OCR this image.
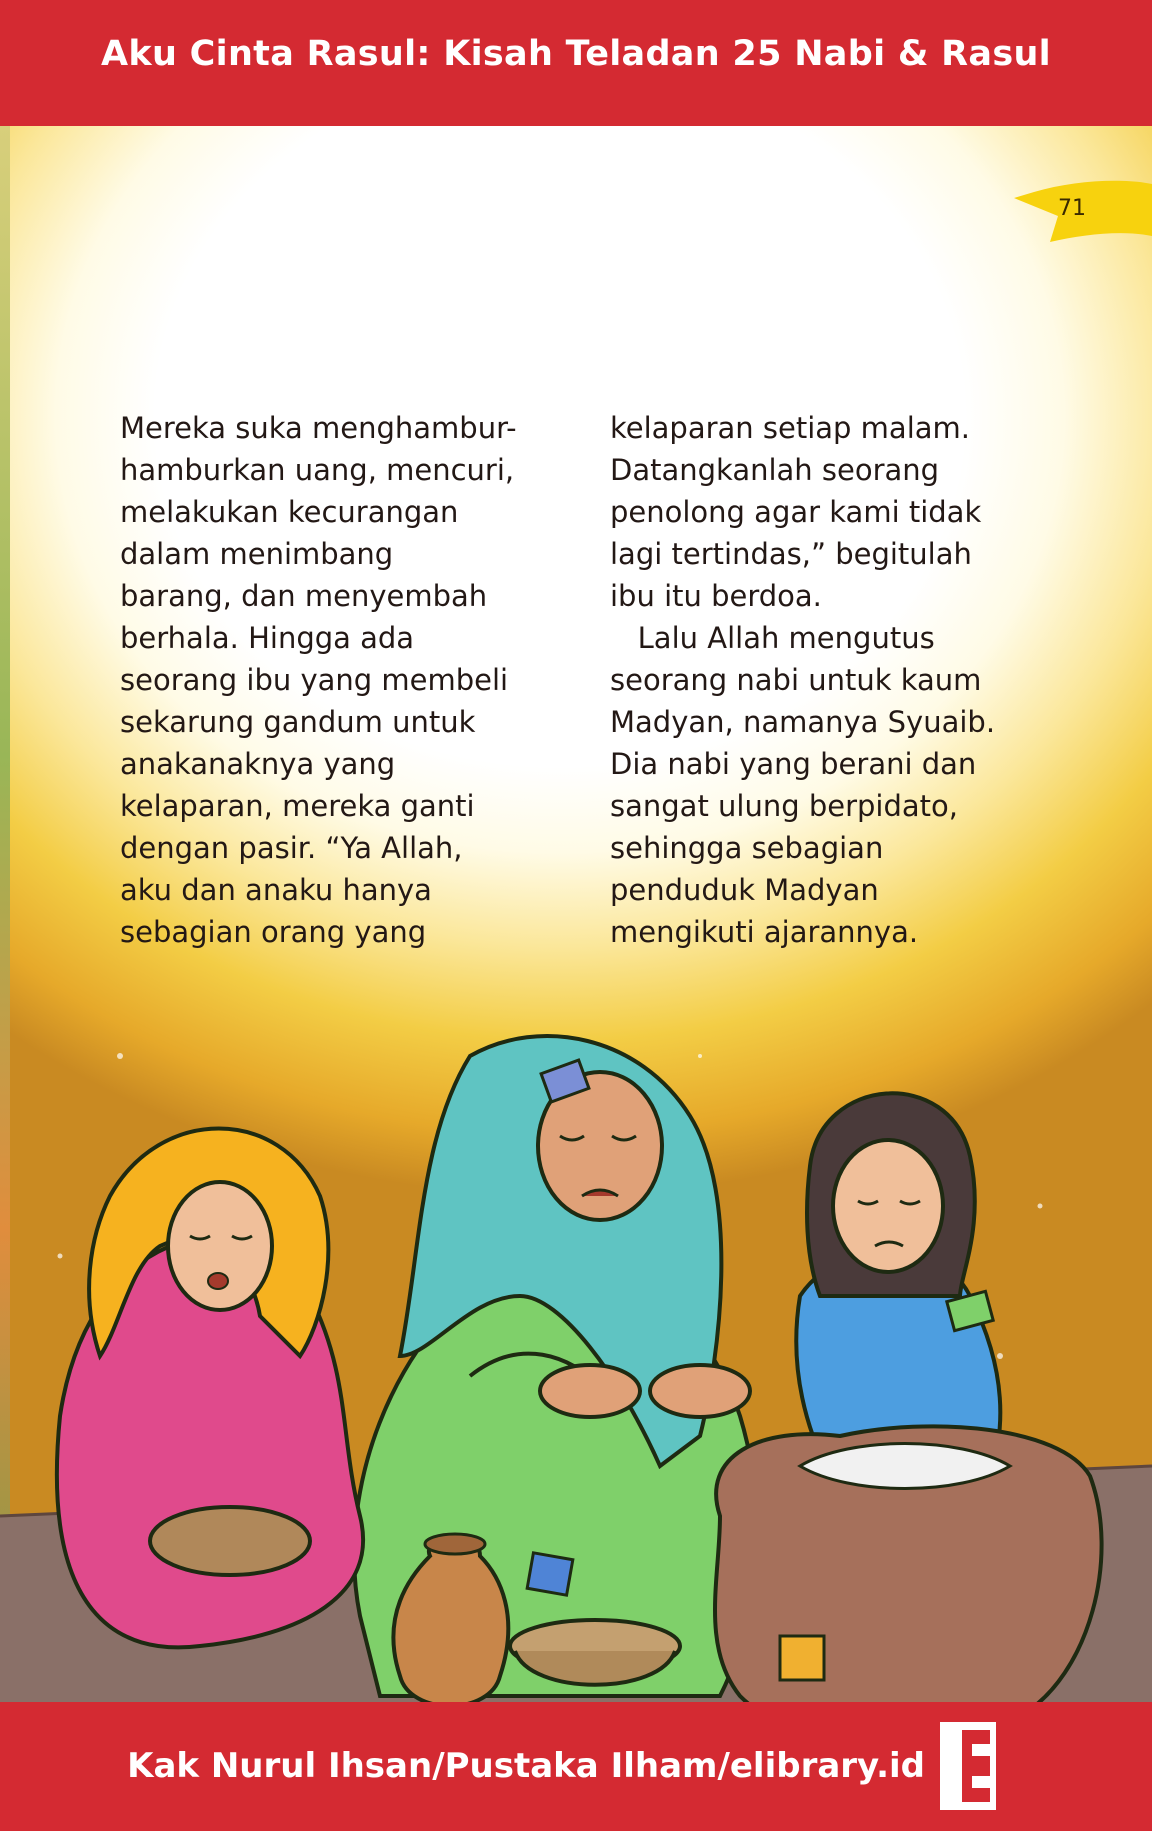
Aku Cinta Rasul: Kisah Teladan 25 Nabi & Rasul
Mereka suka menghambur-
hamburkan uang, mencuri,
melakukan kecurangan
dalam menimbang
barang, dan menyembah
berhala. Hingga ada
seorang ibu yang membeli
sekarung gandum untuk
anakanaknya yang
kelaparan, mereka ganti
dengan pasir. “Ya Allah,
aku dan anaku hanya
sebagian orang yang
kelaparan setiap malam.
Datangkanlah seorang
penolong agar kami tidak
lagi tertindas,” begitulah
ibu itu berdoa.
Lalu Allah mengutus
seorang nabi untuk kaum
Madyan, namanya Syuaib.
Dia nabi yang berani dan
sangat ulung berpidato,
sehingga sebagian
penduduk Madyan
mengikuti ajarannya.
71
Kak Nurul Ihsan/Pustaka Ilham/elibrary.id
